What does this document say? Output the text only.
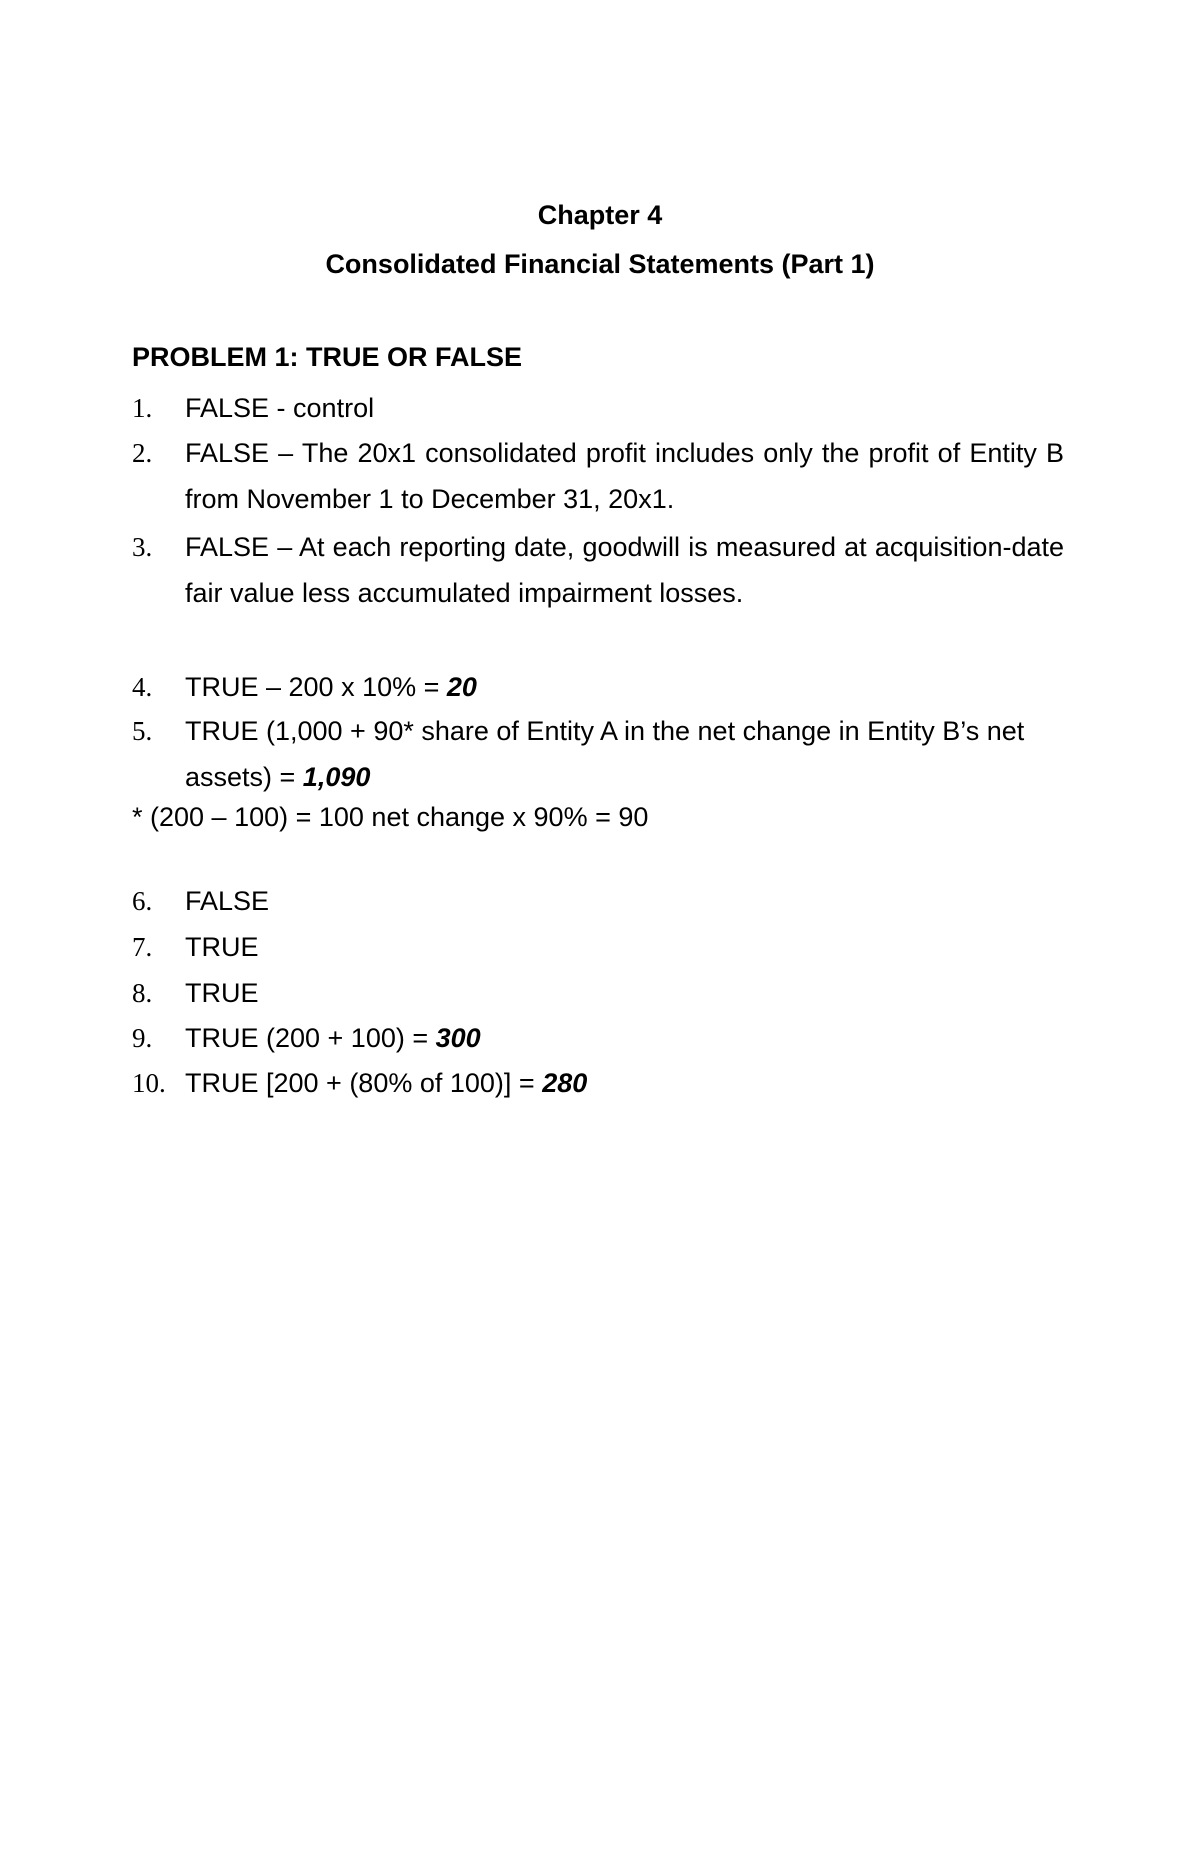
Chapter 4
Consolidated Financial Statements (Part 1)
PROBLEM 1: TRUE OR FALSE
1. FALSE - control
2. FALSE – The 20x1 consolidated profit includes only the profit of Entity B from November 1 to December 31, 20x1.
3. FALSE – At each reporting date, goodwill is measured at acquisition-date fair value less accumulated impairment losses.
4. TRUE – 200 x 10% = 20
5. TRUE (1,000 + 90* share of Entity A in the net change in Entity B’s net assets) = 1,090
* (200 – 100) = 100 net change x 90% = 90
6. FALSE
7. TRUE
8. TRUE
9. TRUE (200 + 100) = 300
10. TRUE [200 + (80% of 100)] = 280
